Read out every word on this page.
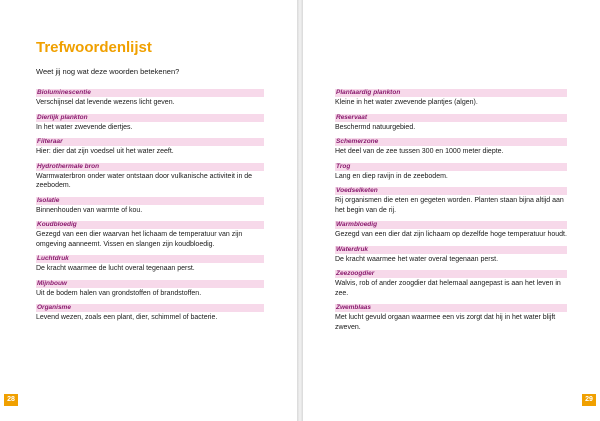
Trefwoordenlijst

Weet jij nog wat deze woorden betekenen?

Bioluminescentie
Verschijnsel dat levende wezens licht geven.
Dierlijk plankton
In het water zwevende diertjes.
Filteraar
Hier: dier dat zijn voedsel uit het water zeeft.
Hydrothermale bron
Warmwaterbron onder water ontstaan door vulkanische activiteit in de zeebodem.
Isolatie
Binnenhouden van warmte of kou.
Koudbloedig
Gezegd van een dier waarvan het lichaam de temperatuur van zijn omgeving aanneemt. Vissen en slangen zijn koudbloedig.
Luchtdruk
De kracht waarmee de lucht overal tegenaan perst.
Mijnbouw
Uit de bodem halen van grondstoffen of brandstoffen.
Organisme
Levend wezen, zoals een plant, dier, schimmel of bacterie.
28
Plantaardig plankton
Kleine in het water zwevende plantjes (algen).
Reservaat
Beschermd natuurgebied.
Schemerzone
Het deel van de zee tussen 300 en 1000 meter diepte.
Trog
Lang en diep ravijn in de zeebodem.
Voedselketen
Rij organismen die eten en gegeten worden. Planten staan bijna altijd aan het begin van de rij.
Warmbloedig
Gezegd van een dier dat zijn lichaam op dezelfde hoge temperatuur houdt.
Waterdruk
De kracht waarmee het water overal tegenaan perst.
Zeezoogdier
Walvis, rob of ander zoogdier dat helemaal aangepast is aan het leven in zee.
Zwemblaas
Met lucht gevuld orgaan waarmee een vis zorgt dat hij in het water blijft zweven.
29
